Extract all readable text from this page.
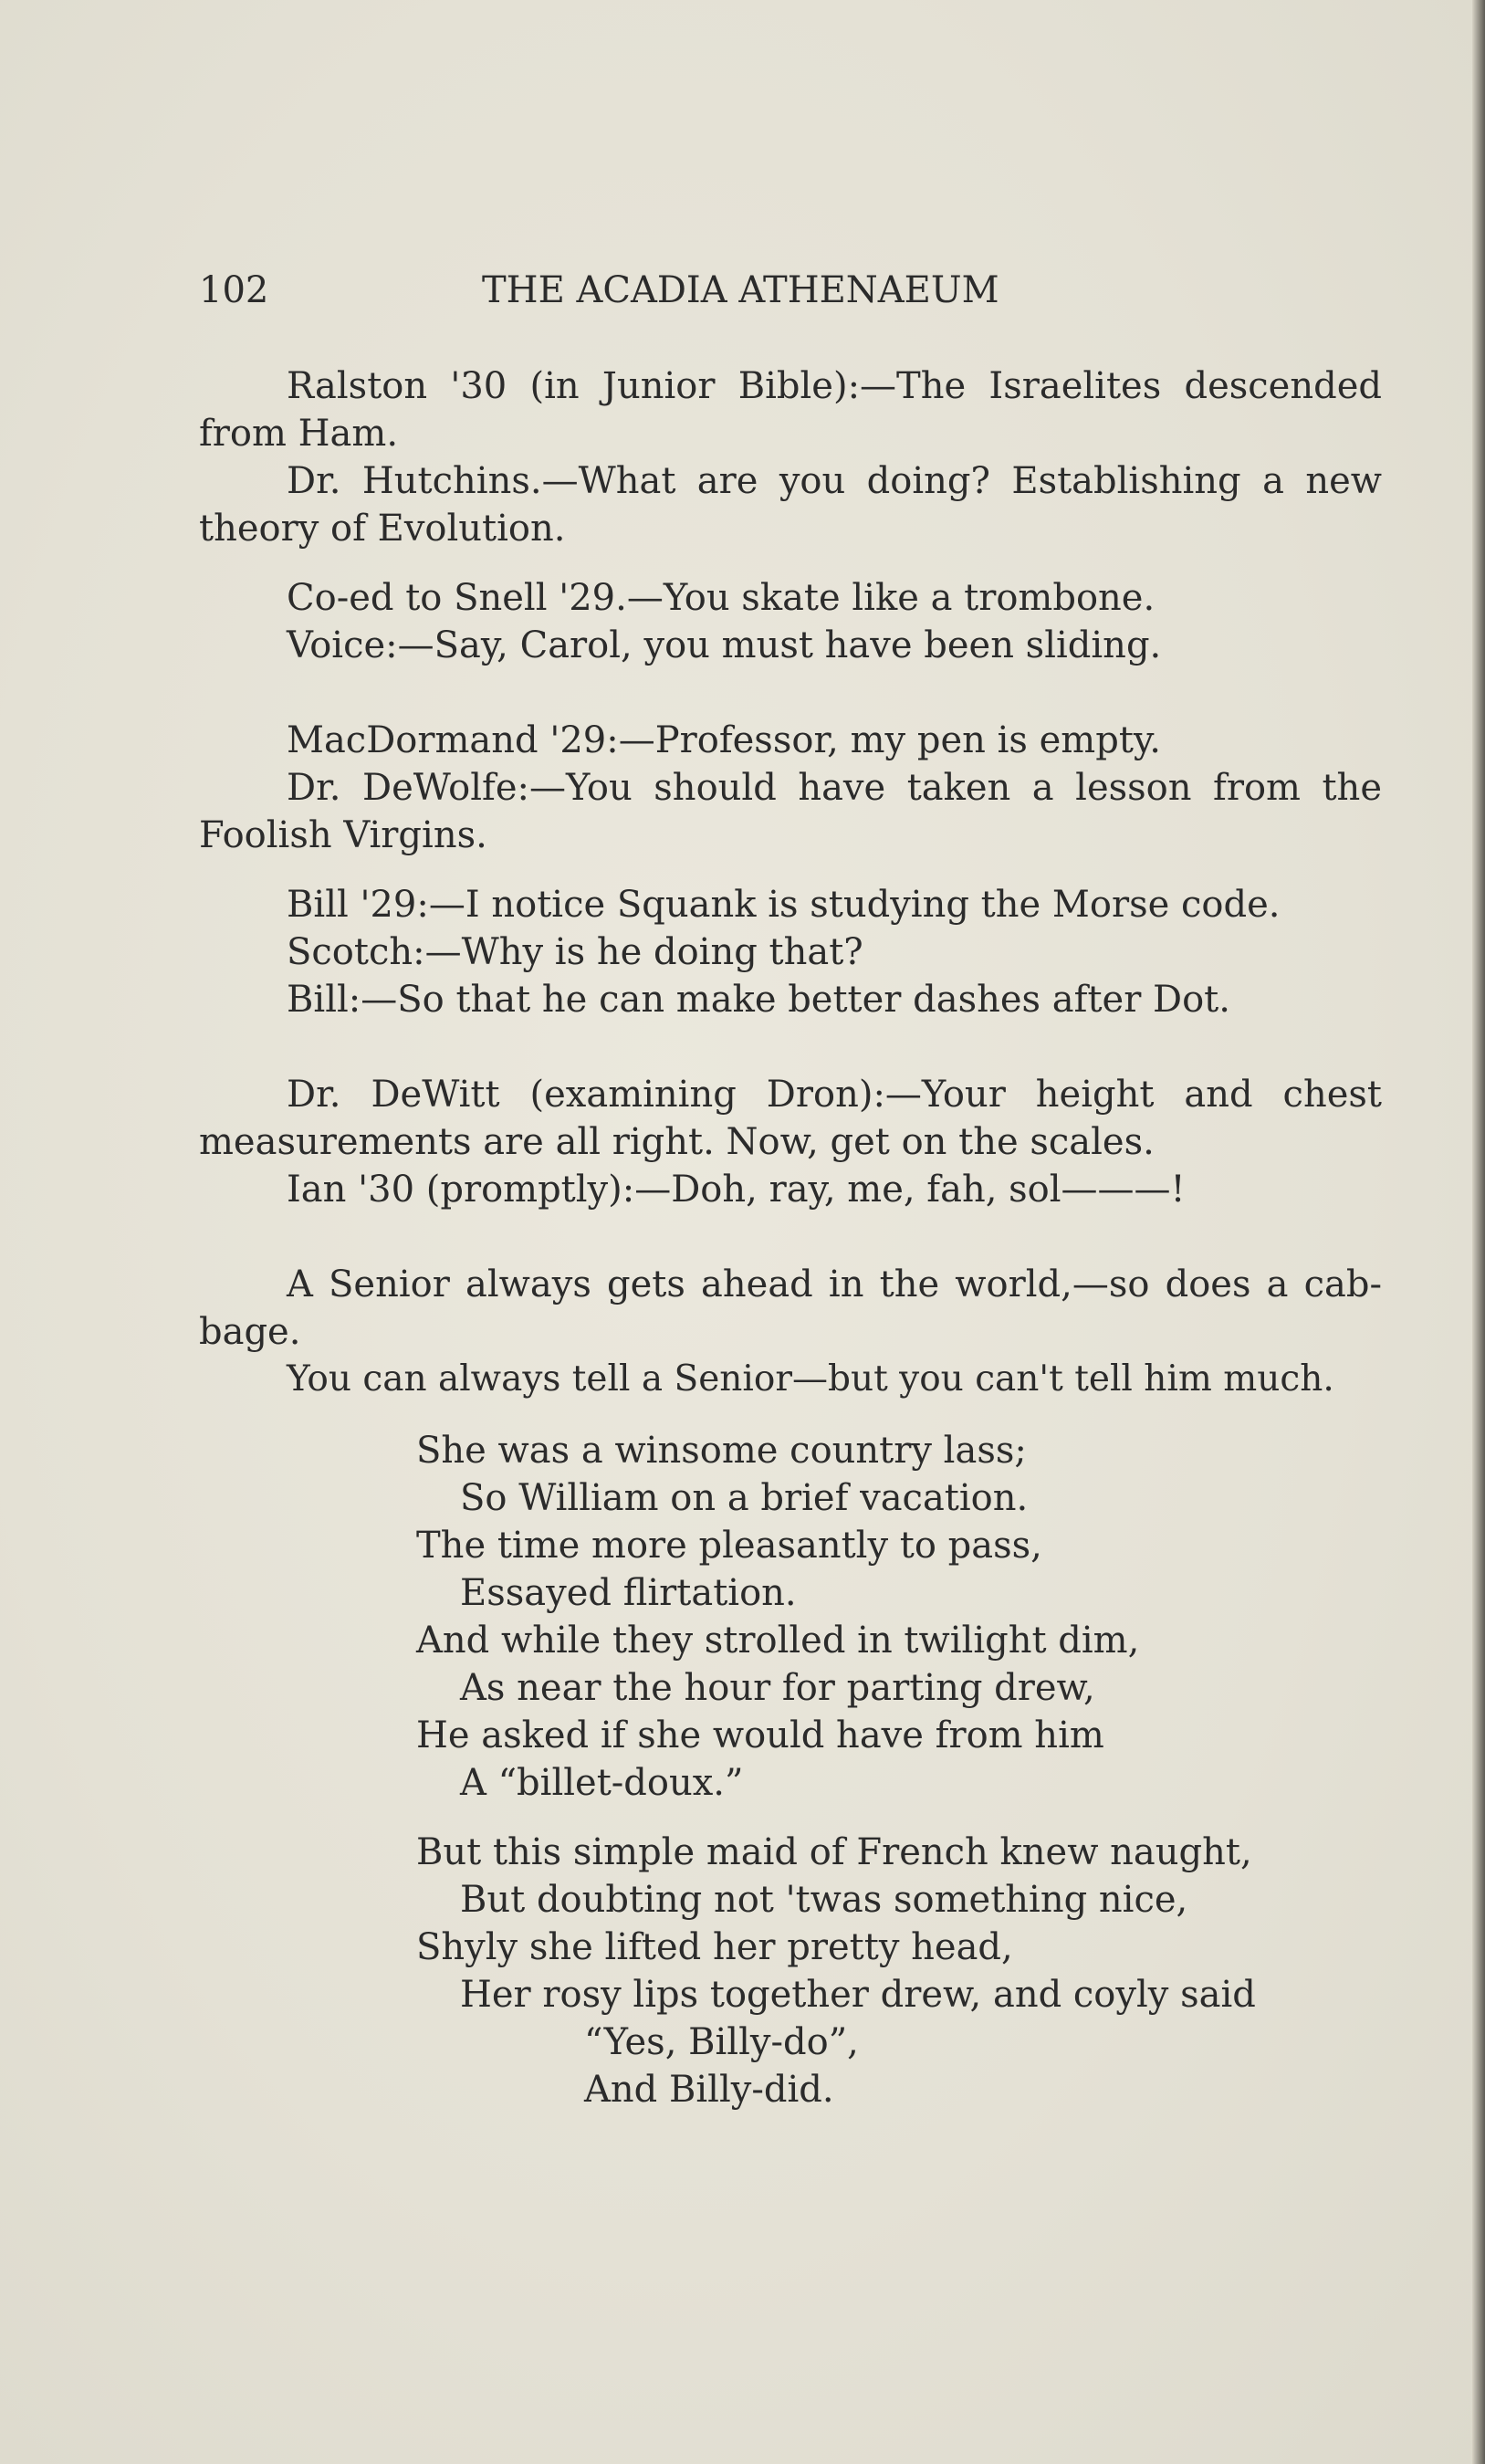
102	THE ACADIA ATHENAEUM
Ralston '30 (in Junior Bible):—The Israelites descended
from Ham.
Dr. Hutchins.—What are you doing? Establishing a new
theory of Evolution.
Co-ed to Snell '29.—You skate like a trombone.
Voice:—Say, Carol, you must have been sliding.
MacDormand '29:—Professor, my pen is empty.
Dr. DeWolfe:—You should have taken a lesson from the
Foolish Virgins.
Bill '29:—I notice Squank is studying the Morse code.
Scotch:—Why is he doing that?
Bill:—So that he can make better dashes after Dot.
Dr. DeWitt (examining Dron):—Your height and chest
measurements are all right. Now, get on the scales.
Ian '30 (promptly):—Doh, ray, me, fah, sol———!
A Senior always gets ahead in the world,—so does a cab-
bage.
You can always tell a Senior—but you can't tell him much.
She was a winsome country lass;
So William on a brief vacation.
The time more pleasantly to pass,
Essayed flirtation.
And while they strolled in twilight dim,
As near the hour for parting drew,
He asked if she would have from him
A “billet-doux.”
But this simple maid of French knew naught,
But doubting not 'twas something nice,
Shyly she lifted her pretty head,
Her rosy lips together drew, and coyly said
“Yes, Billy-do”,
And Billy-did.
